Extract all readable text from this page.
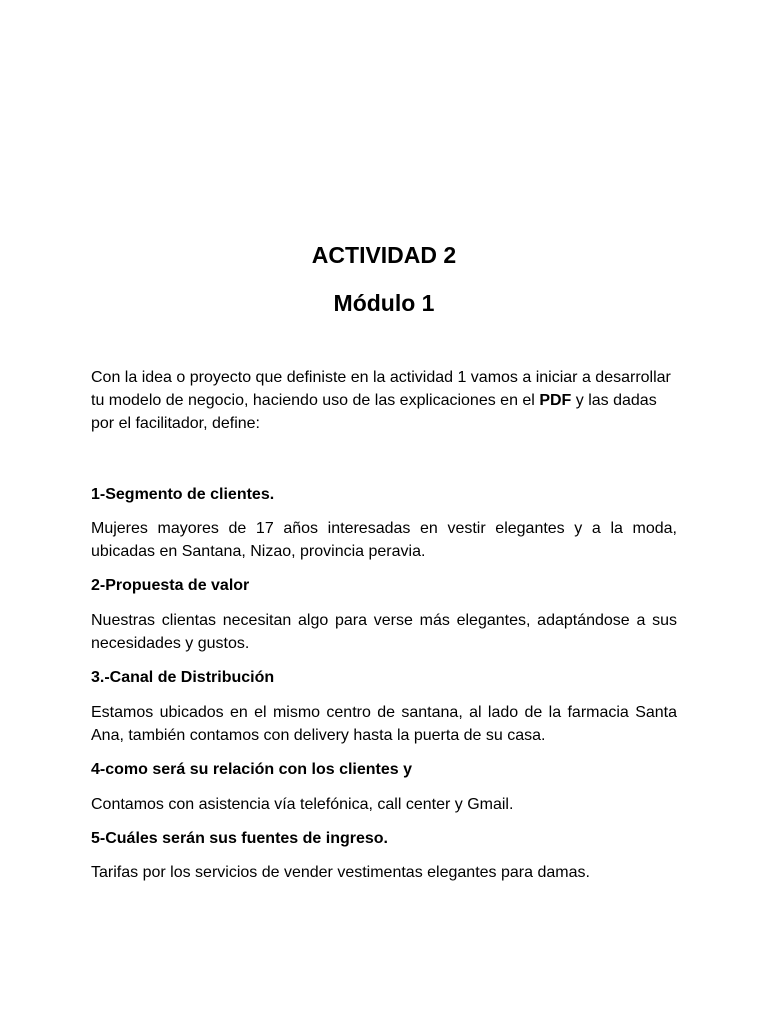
ACTIVIDAD 2
Módulo 1
Con la idea o proyecto que definiste en la actividad 1 vamos a iniciar a desarrollar tu modelo de negocio, haciendo uso de las explicaciones en el PDF y las dadas por el facilitador, define:
1-Segmento de clientes.
Mujeres mayores de 17 años interesadas en vestir elegantes y a la moda, ubicadas en Santana, Nizao, provincia peravia.
2-Propuesta de valor
Nuestras clientas necesitan algo para verse más elegantes, adaptándose a sus necesidades y gustos.
3.-Canal de Distribución
Estamos ubicados en el mismo centro de santana, al lado de la farmacia Santa Ana, también contamos con delivery hasta la puerta de su casa.
4-como será su relación con los clientes y
Contamos con asistencia vía telefónica, call center y Gmail.
5-Cuáles serán sus fuentes de ingreso.
Tarifas por los servicios de vender vestimentas elegantes para damas.
